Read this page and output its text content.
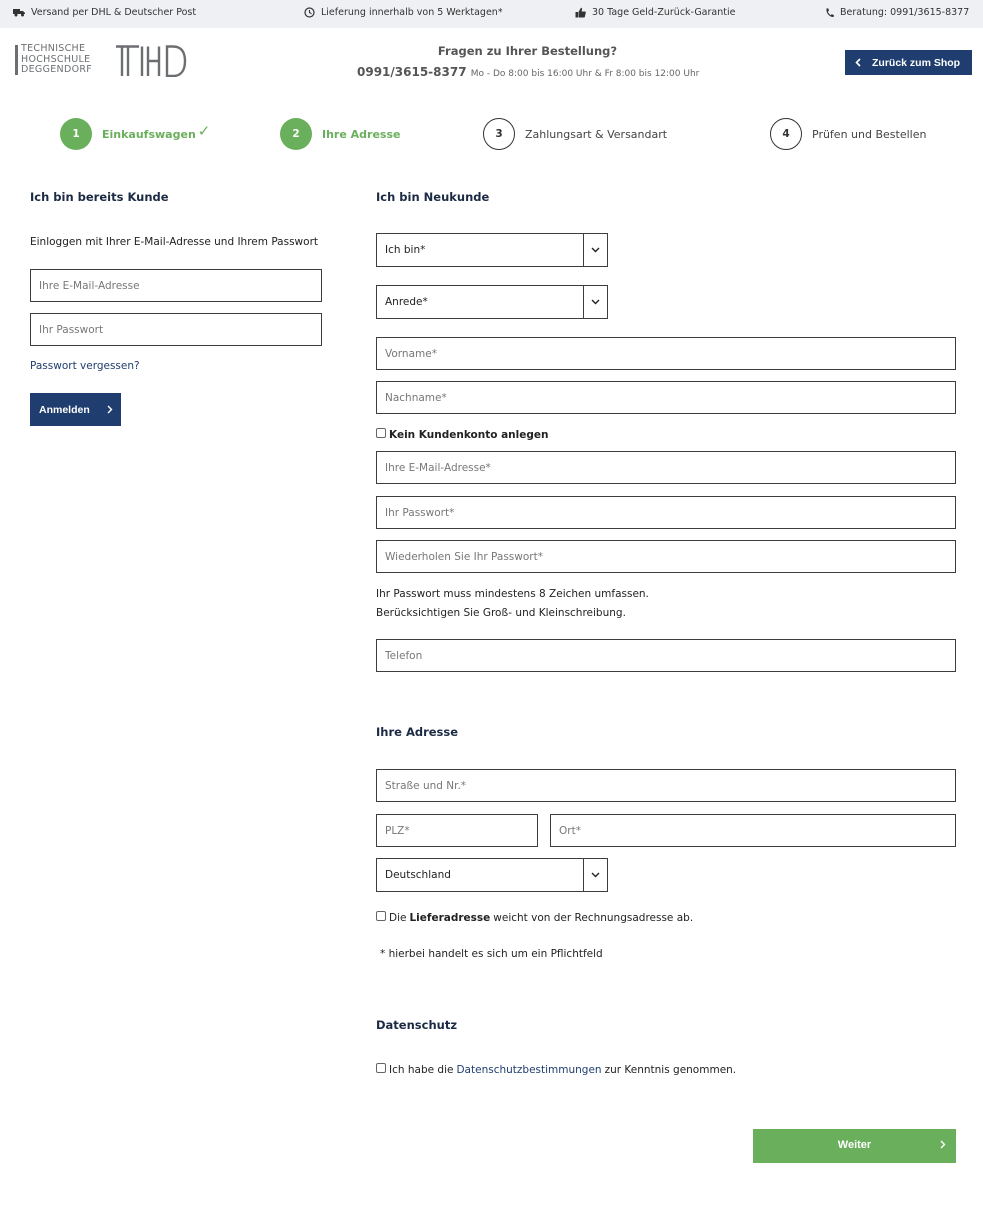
Versand per DHL & Deutscher Post	Lieferung innerhalb von 5 Werktagen*	30 Tage Geld-Zurück-Garantie	Beratung: 0991/3615-8377
TECHNISCHE
HOCHSCHULE
DEGGENDORF
Fragen zu Ihrer Bestellung?
0991/3615-8377 Mo - Do 8:00 bis 16:00 Uhr & Fr 8:00 bis 12:00 Uhr
Zurück zum Shop
1	Einkaufswagen ✓	2	Ihre Adresse	3	Zahlungsart & Versandart	4	Prüfen und Bestellen
Ich bin bereits Kunde
Einloggen mit Ihrer E-Mail-Adresse und Ihrem Passwort
Ihre E-Mail-Adresse
Ihr Passwort
Passwort vergessen?
Anmelden
Ich bin Neukunde
Ich bin*
Anrede*
Vorname*
Nachname*
Kein Kundenkonto anlegen
Ihre E-Mail-Adresse*
Ihr Passwort*
Wiederholen Sie Ihr Passwort*
Ihr Passwort muss mindestens 8 Zeichen umfassen.
Berücksichtigen Sie Groß- und Kleinschreibung.
Telefon
Ihre Adresse
Straße und Nr.*
PLZ*
Ort*
Deutschland
Die Lieferadresse weicht von der Rechnungsadresse ab.
* hierbei handelt es sich um ein Pflichtfeld
Datenschutz
Ich habe die Datenschutzbestimmungen zur Kenntnis genommen.
Weiter
